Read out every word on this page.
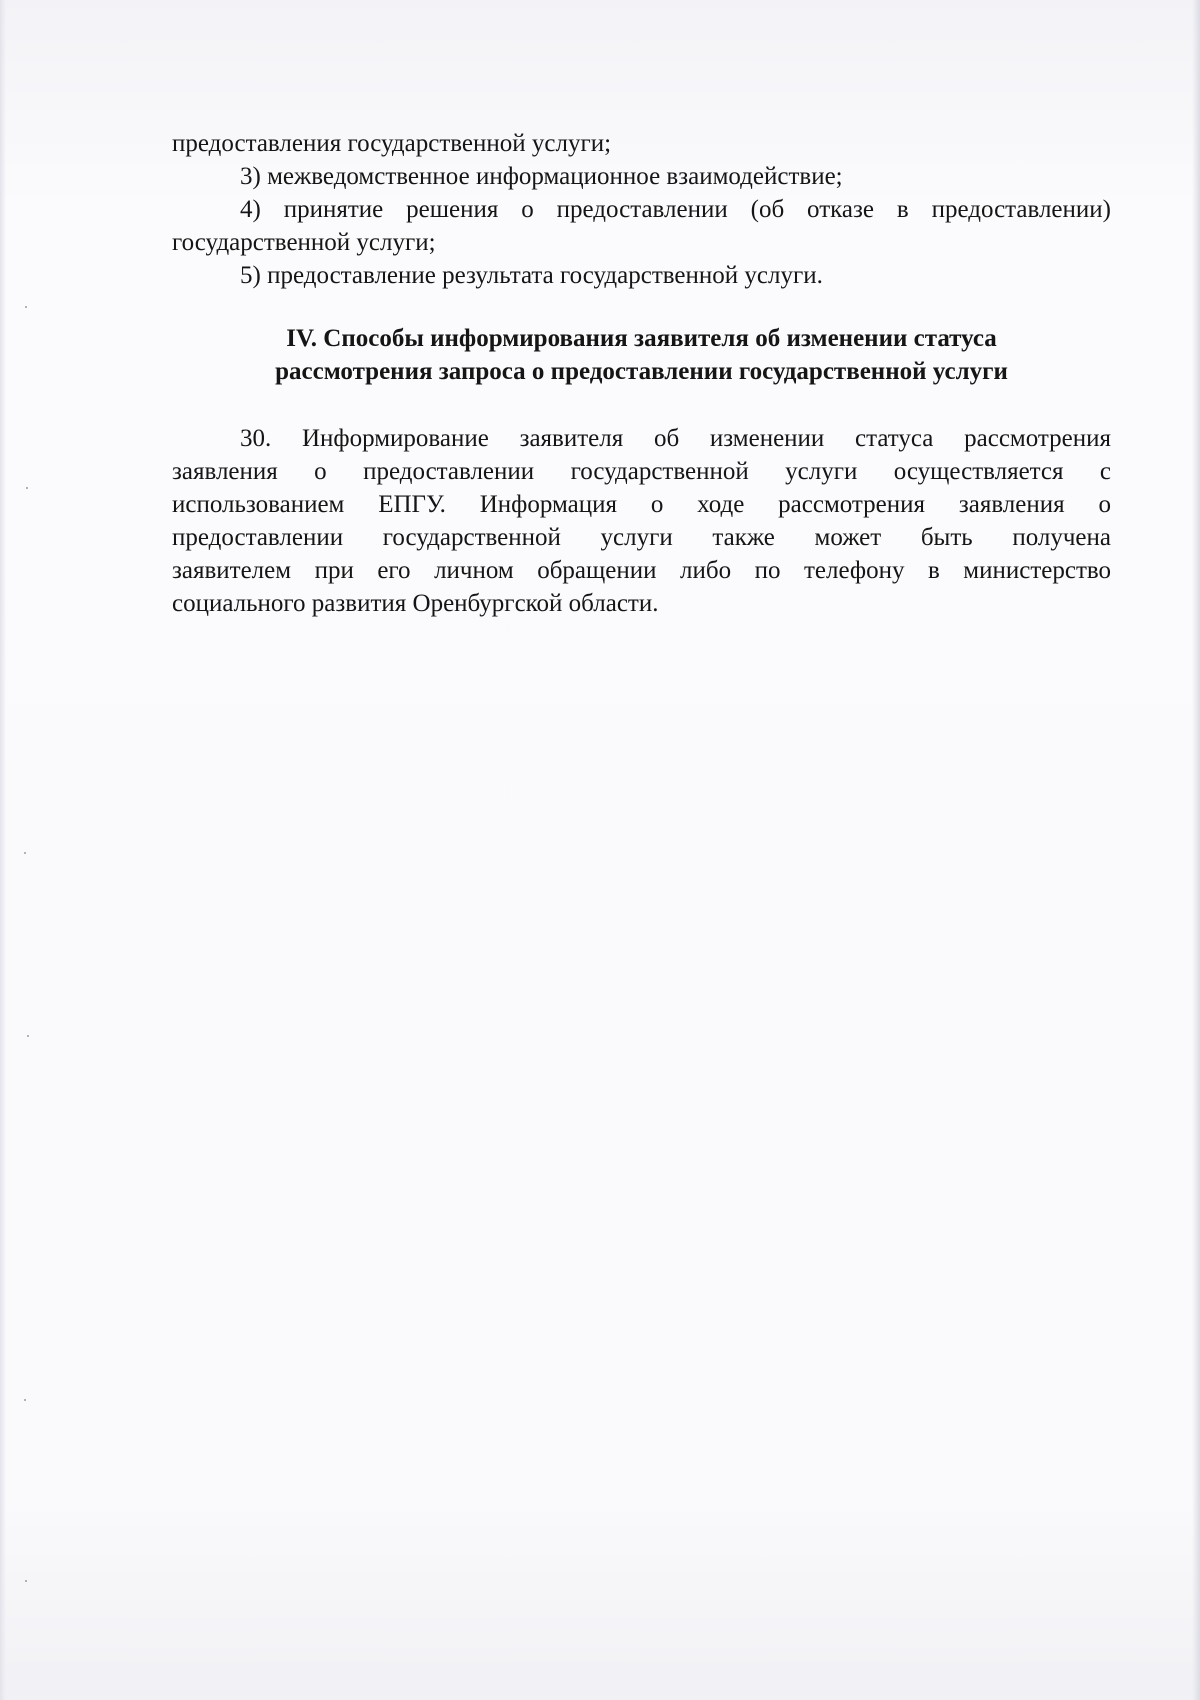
предоставления государственной услуги;

3) межведомственное информационное взаимодействие;

4) принятие решения о предоставлении (об отказе в предоставлении)

государственной услуги;

5) предоставление результата государственной услуги.

IV. Способы информирования заявителя об изменении статуса
рассмотрения запроса о предоставлении государственной услуги

30. Информирование заявителя об изменении статуса рассмотрения

заявления о предоставлении государственной услуги осуществляется с

использованием ЕПГУ. Информация о ходе рассмотрения заявления о

предоставлении государственной услуги также может быть получена

заявителем при его личном обращении либо по телефону в министерство

социального развития Оренбургской области.
